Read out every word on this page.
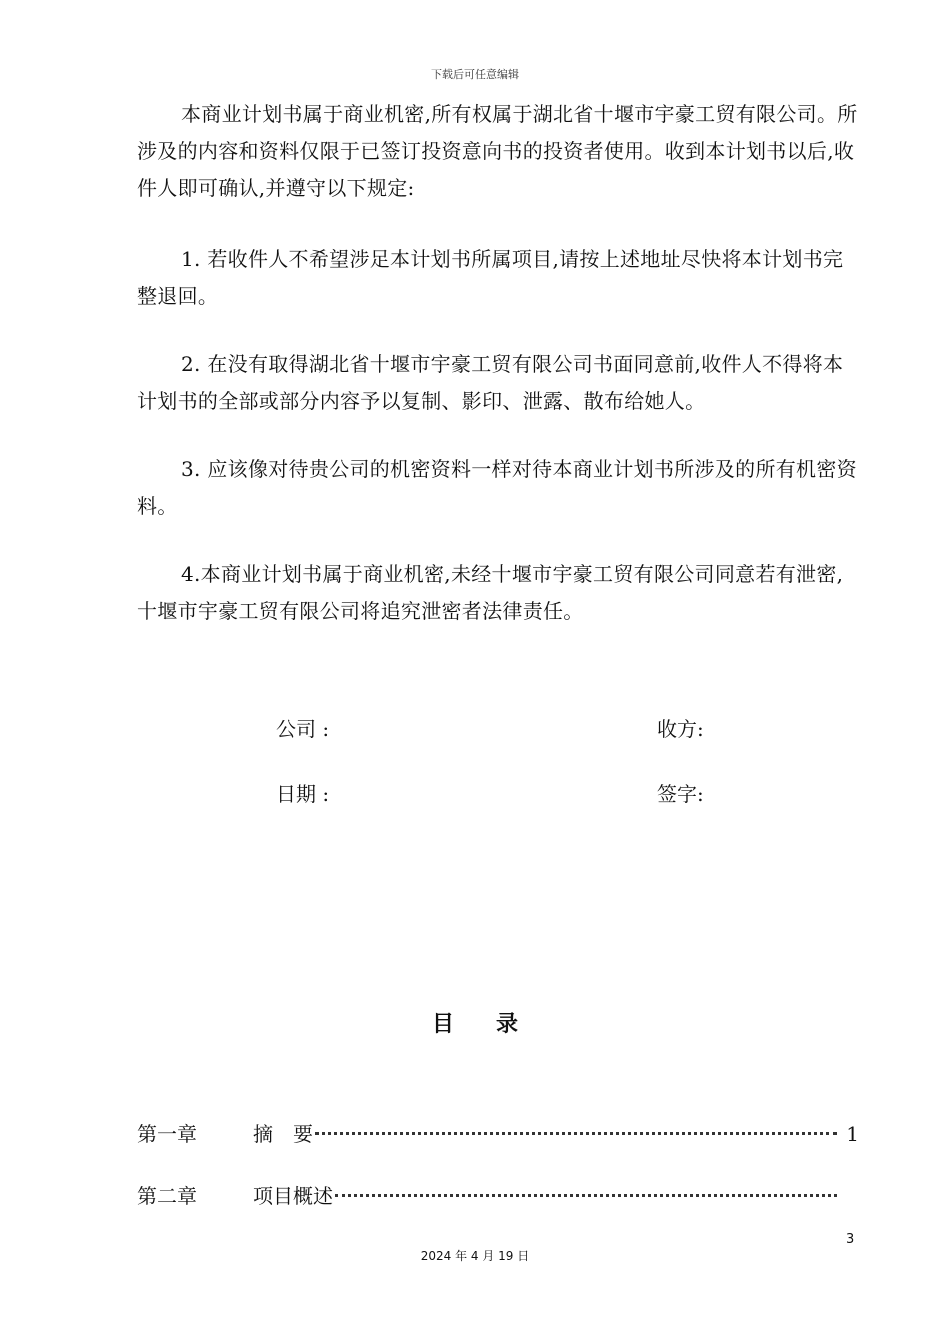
下载后可任意编辑

本商业计划书属于商业机密,所有权属于湖北省十堰市宇豪工贸有限公司。所涉及的内容和资料仅限于已签订投资意向书的投资者使用。收到本计划书以后,收件人即可确认,并遵守以下规定:

1. 若收件人不希望涉足本计划书所属项目,请按上述地址尽快将本计划书完整退回。

2. 在没有取得湖北省十堰市宇豪工贸有限公司书面同意前,收件人不得将本计划书的全部或部分内容予以复制、影印、泄露、散布给她人。

3. 应该像对待贵公司的机密资料一样对待本商业计划书所涉及的所有机密资料。

4.本商业计划书属于商业机密,未经十堰市宇豪工贸有限公司同意若有泄密,十堰市宇豪工贸有限公司将追究泄密者法律责任。

公司 :	收方:
日期 :	签字:
目录
第一章	摘　要	1
第二章	项目概述
3
2024 年 4 月 19 日
